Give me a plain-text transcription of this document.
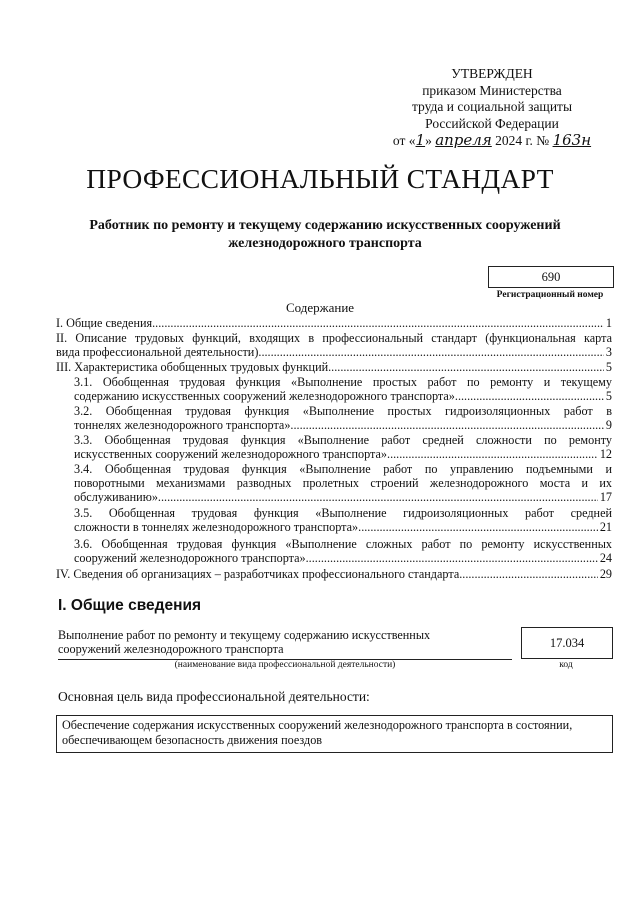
УТВЕРЖДЕН
приказом Министерства
труда и социальной защиты
Российской Федерации
от «1» апреля 2024 г. № 163н
ПРОФЕССИОНАЛЬНЫЙ СТАНДАРТ
Работник по ремонту и текущему содержанию искусственных сооружений
железнодорожного транспорта
690
Регистрационный номер
Содержание
I. Общие сведения .....	1
II. Описание трудовых функций, входящих в профессиональный стандарт (функциональная карта
вида профессиональной деятельности) .....	3
III. Характеристика обобщенных трудовых функций .....	5
3.1. Обобщенная трудовая функция «Выполнение простых работ по ремонту и текущему
содержанию искусственных сооружений железнодорожного транспорта» .....	5
3.2. Обобщенная трудовая функция «Выполнение простых гидроизоляционных работ в
тоннелях железнодорожного транспорта» .....	9
3.3. Обобщенная трудовая функция «Выполнение работ средней сложности по ремонту
искусственных сооружений железнодорожного транспорта» .....	12
3.4. Обобщенная трудовая функция «Выполнение работ по управлению подъемными и
поворотными механизмами разводных пролетных строений железнодорожного моста и их
обслуживанию» .....	17
3.5. Обобщенная трудовая функция «Выполнение гидроизоляционных работ средней
сложности в тоннелях железнодорожного транспорта» .....	21
3.6. Обобщенная трудовая функция «Выполнение сложных работ по ремонту искусственных
сооружений железнодорожного транспорта» .....	24
IV. Сведения об организациях – разработчиках профессионального стандарта .....	29
I. Общие сведения
Выполнение работ по ремонту и текущему содержанию искусственных
сооружений железнодорожного транспорта
(наименование вида профессиональной деятельности)
17.034
код
Основная цель вида профессиональной деятельности:
Обеспечение содержания искусственных сооружений железнодорожного транспорта в состоянии,
обеспечивающем безопасность движения поездов
